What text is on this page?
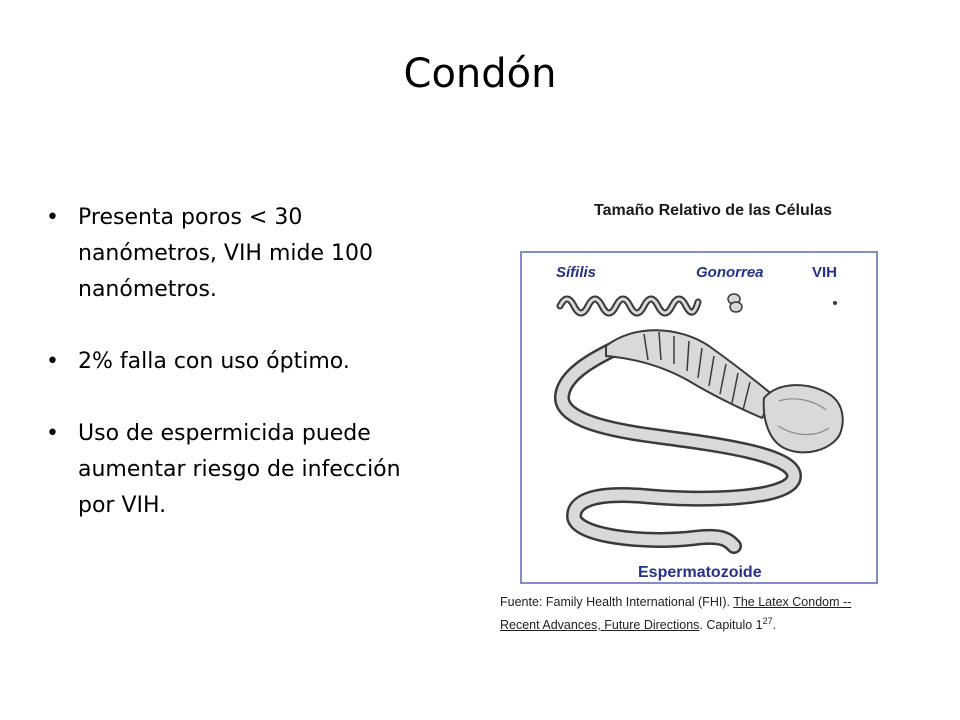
Condón
• Presenta poros < 30 nanómetros, VIH mide 100 nanómetros.
• 2% falla con uso óptimo.
• Uso de espermicida puede aumentar riesgo de infección por VIH.
Tamaño Relativo de las Células
Sífilis	Gonorrea	VIH
Espermatozoide
Fuente: Family Health International (FHI). The Latex Condom --
Recent Advances, Future Directions. Capitulo $1^{27}$.
